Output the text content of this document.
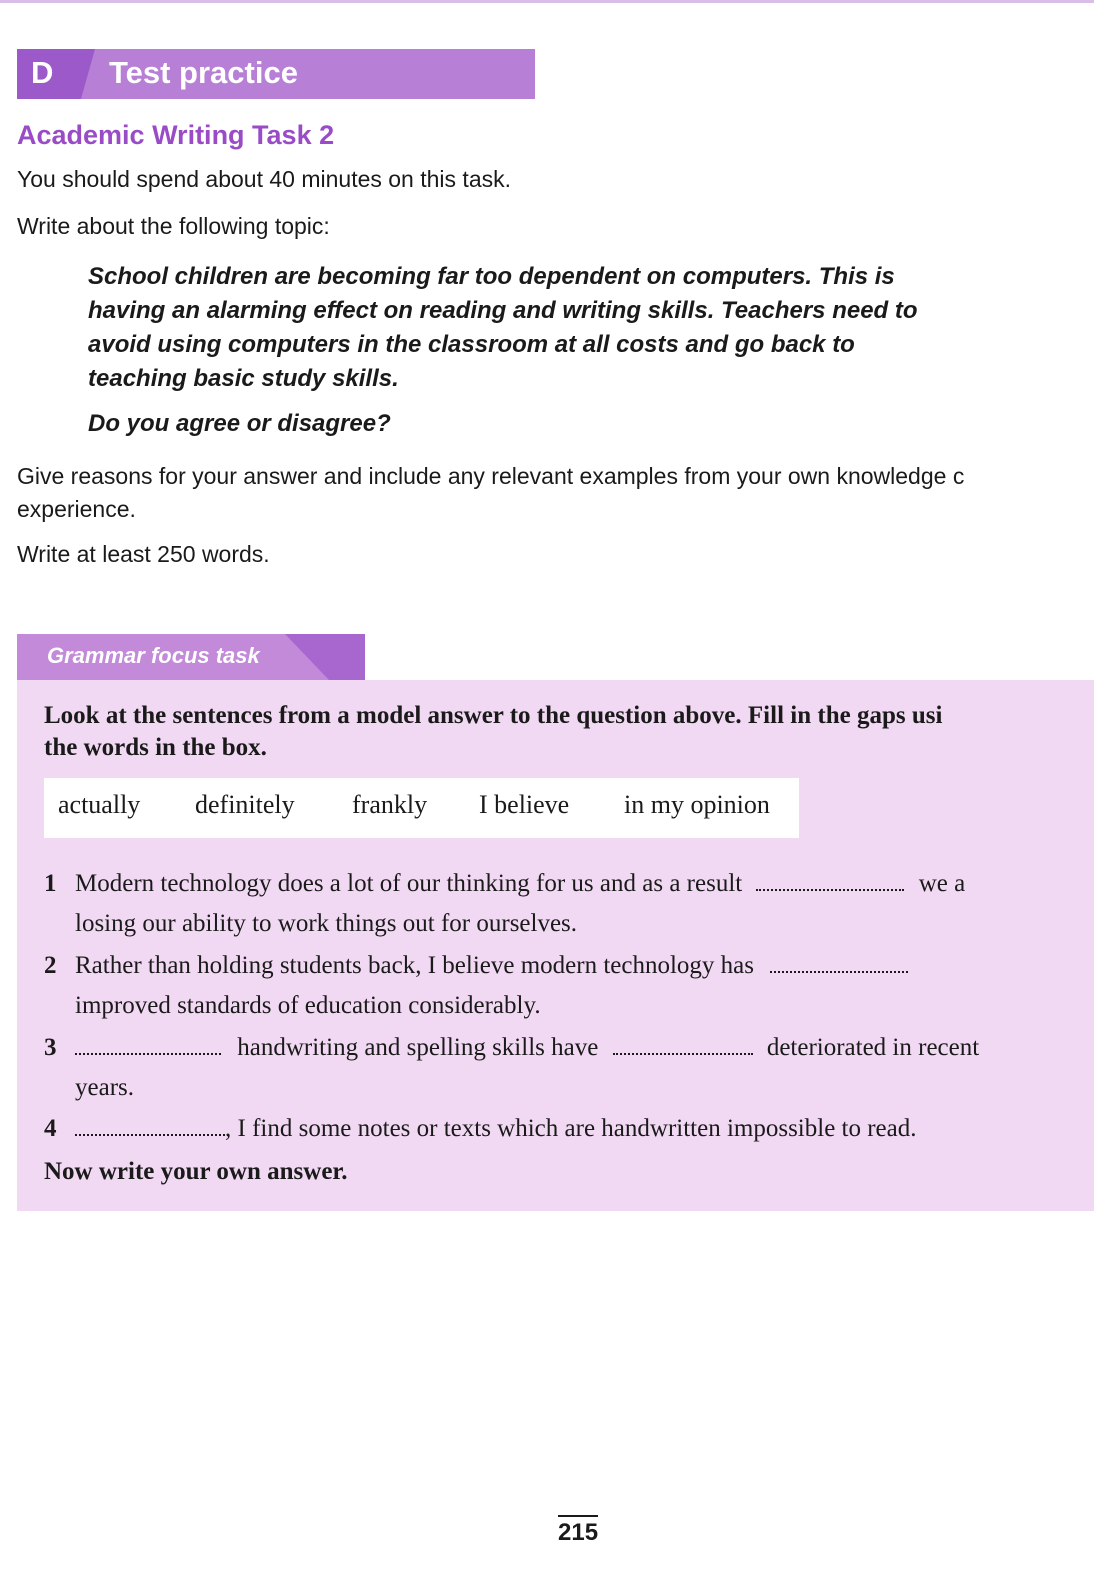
D Test practice
Academic Writing Task 2
You should spend about 40 minutes on this task.
Write about the following topic:
School children are becoming far too dependent on computers. This is
having an alarming effect on reading and writing skills. Teachers need to
avoid using computers in the classroom at all costs and go back to
teaching basic study skills.
Do you agree or disagree?
Give reasons for your answer and include any relevant examples from your own knowledge c
experience.
Write at least 250 words.
Grammar focus task
Look at the sentences from a model answer to the question above. Fill in the gaps usi
the words in the box.
actually definitely frankly I believe in my opinion
1 Modern technology does a lot of our thinking for us and as a result	we a
losing our ability to work things out for ourselves.
2 Rather than holding students back, I believe modern technology has
improved standards of education considerably.
3	handwriting and spelling skills have	deteriorated in recent
years.
4	, I find some notes or texts which are handwritten impossible to read.
Now write your own answer.
215
